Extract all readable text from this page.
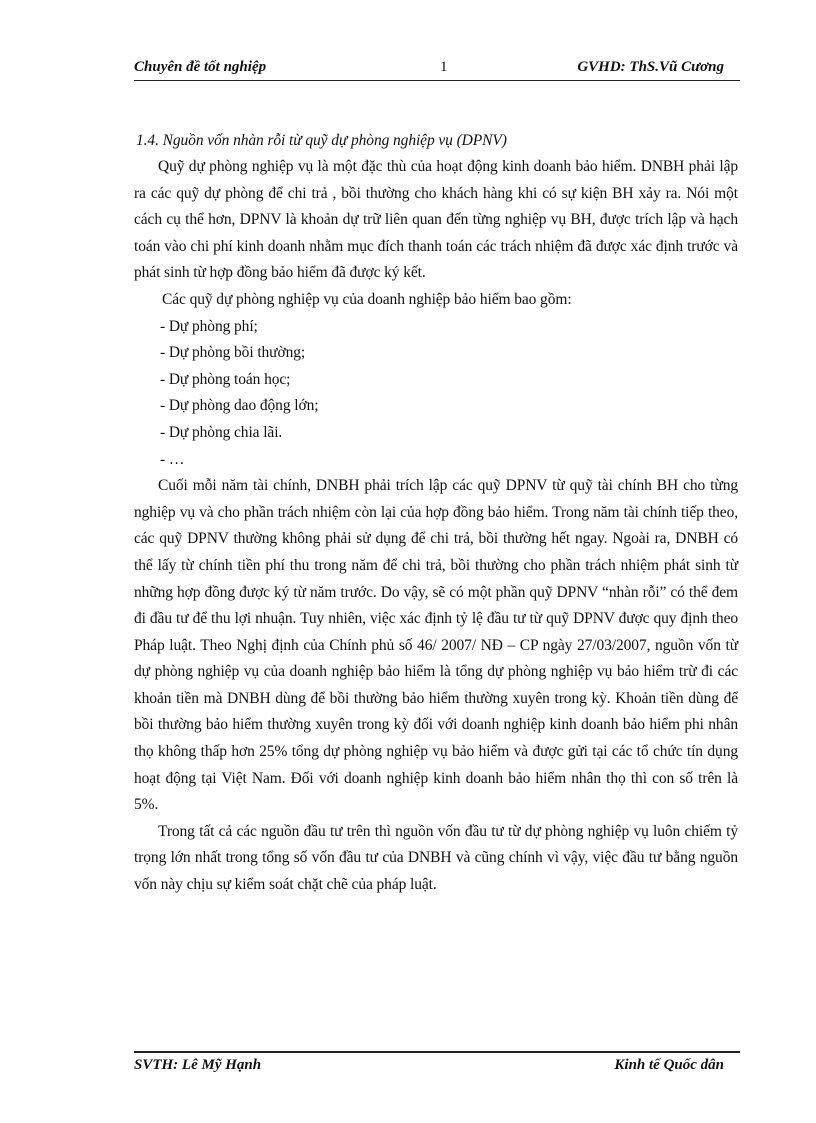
Chuyên đề tốt nghiệp	1	GVHD: ThS.Vũ Cương

1.4. Nguồn vốn nhàn rỗi từ quỹ dự phòng nghiệp vụ (DPNV)

Quỹ dự phòng nghiệp vụ là một đặc thù của hoạt động kinh doanh bảo hiểm. DNBH phải lập ra các quỹ dự phòng để chi trả , bồi thường cho khách hàng khi có sự kiện BH xảy ra. Nói một cách cụ thể hơn, DPNV là khoản dự trữ liên quan đến từng nghiệp vụ BH, được trích lập và hạch toán vào chi phí kinh doanh nhằm mục đích thanh toán các trách nhiệm đã được xác định trước và phát sinh từ hợp đồng bảo hiểm đã được ký kết.

Các quỹ dự phòng nghiệp vụ của doanh nghiệp bảo hiểm bao gồm:

- Dự phòng phí;
- Dự phòng bồi thường;
- Dự phòng toán học;
- Dự phòng dao động lớn;
- Dự phòng chia lãi.
- …

Cuối mỗi năm tài chính, DNBH phải trích lập các quỹ DPNV từ quỹ tài chính BH cho từng nghiệp vụ và cho phần trách nhiệm còn lại của hợp đồng bảo hiểm. Trong năm tài chính tiếp theo, các quỹ DPNV thường không phải sử dụng để chi trả, bồi thường hết ngay. Ngoài ra, DNBH có thể lấy từ chính tiền phí thu trong năm để chi trả, bồi thường cho phần trách nhiệm phát sinh từ những hợp đồng được ký từ năm trước. Do vậy, sẽ có một phần quỹ DPNV “nhàn rỗi” có thể đem đi đầu tư để thu lợi nhuận. Tuy nhiên, việc xác định tỷ lệ đầu tư từ quỹ DPNV được quy định theo Pháp luật. Theo Nghị định của Chính phủ số 46/ 2007/ NĐ – CP ngày 27/03/2007, nguồn vốn từ dự phòng nghiệp vụ của doanh nghiệp bảo hiểm là tổng dự phòng nghiệp vụ bảo hiểm trừ đi các khoản tiền mà DNBH dùng để bồi thường bảo hiểm thường xuyên trong kỳ. Khoản tiền dùng để bồi thường bảo hiểm thường xuyên trong kỳ đối với doanh nghiệp kinh doanh bảo hiểm phi nhân thọ không thấp hơn 25% tổng dự phòng nghiệp vụ bảo hiểm và được gửi tại các tổ chức tín dụng hoạt động tại Việt Nam. Đối với doanh nghiệp kinh doanh bảo hiểm nhân thọ thì con số trên là 5%.

Trong tất cả các nguồn đầu tư trên thì nguồn vốn đầu tư từ dự phòng nghiệp vụ luôn chiếm tỷ trọng lớn nhất trong tổng số vốn đầu tư của DNBH và cũng chính vì vậy, việc đầu tư bằng nguồn vốn này chịu sự kiểm soát chặt chẽ của pháp luật.

SVTH: Lê Mỹ Hạnh	Kinh tế Quốc dân
